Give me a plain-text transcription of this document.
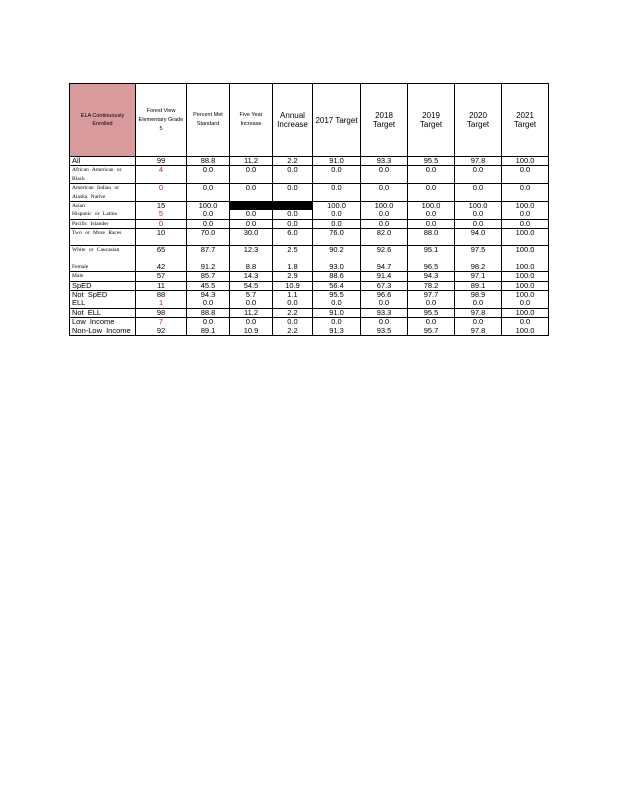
ELA Continuously Enrolled	Forest View Elementary Grade 5	Percent Met Standard	Five Year Increase	Annual Increase	2017 Target	2018 Target	2019 Target	2020 Target	2021 Target
All	99	88.8	11.2	2.2	91.0	93.3	95.5	97.8	100.0
African American or Black	4	0.0	0.0	0.0	0.0	0.0	0.0	0.0	0.0
American Indian or Alaska Native	0	0.0	0.0	0.0	0.0	0.0	0.0	0.0	0.0
Asian	15	100.0			100.0	100.0	100.0	100.0	100.0
Hispanic or Latino	5	0.0	0.0	0.0	0.0	0.0	0.0	0.0	0.0
Pacific Islander	0	0.0	0.0	0.0	0.0	0.0	0.0	0.0	0.0
Two or More Races	10	70.0	30.0	6.0	76.0	82.0	88.0	94.0	100.0
White or Caucasian	65	87.7	12.3	2.5	90.2	92.6	95.1	97.5	100.0
Female	42	91.2	8.8	1.8	93.0	94.7	96.5	98.2	100.0
Male	57	85.7	14.3	2.9	88.6	91.4	94.3	97.1	100.0
SpED	11	45.5	54.5	10.9	56.4	67.3	78.2	89.1	100.0
Not SpED	88	94.3	5.7	1.1	95.5	96.6	97.7	98.9	100.0
ELL	1	0.0	0.0	0.0	0.0	0.0	0.0	0.0	0.0
Not ELL	98	88.8	11.2	2.2	91.0	93.3	95.5	97.8	100.0
Low Income	7	0.0	0.0	0.0	0.0	0.0	0.0	0.0	0.0
Non-Low Income	92	89.1	10.9	2.2	91.3	93.5	95.7	97.8	100.0
